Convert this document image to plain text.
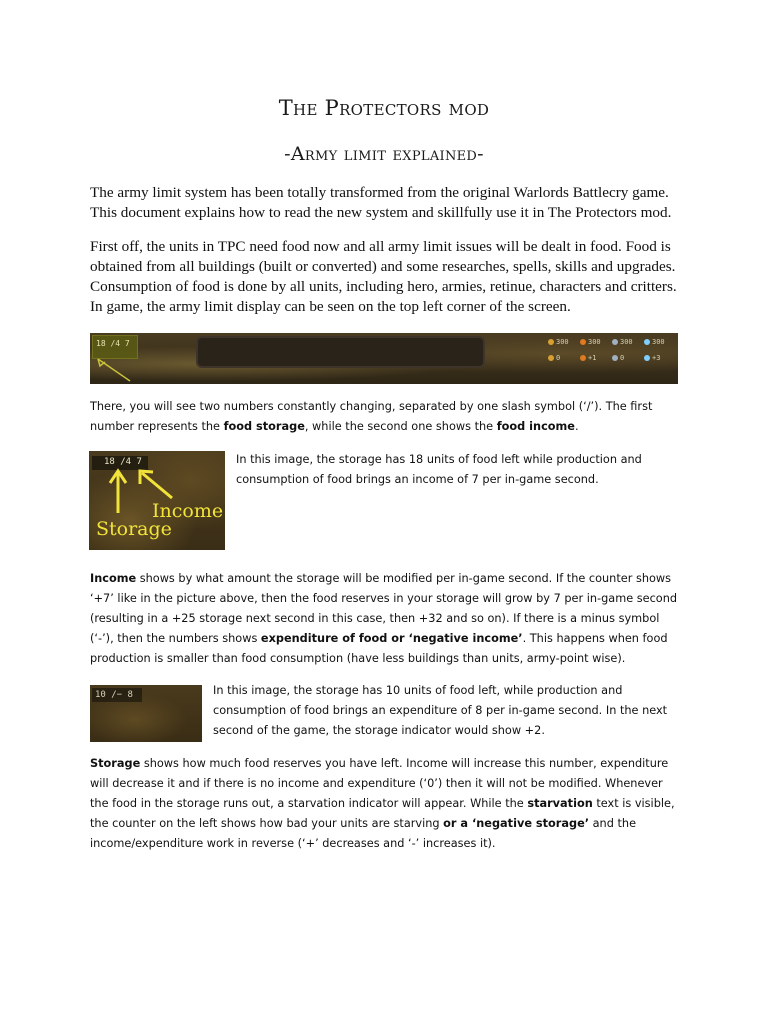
The Protectors mod
-Army limit explained-

The army limit system has been totally transformed from the original Warlords Battlecry game. This document explains how to read the new system and skillfully use it in The Protectors mod.

First off, the units in TPC need food now and all army limit issues will be dealt in food. Food is obtained from all buildings (built or converted) and some researches, spells, skills and upgrades. Consumption of food is done by all units, including hero, armies, retinue, characters and critters. In game, the army limit display can be seen on the top left corner of the screen.

18 /4 7	300	300	300	300
0	+1	0	+3

There, you will see two numbers constantly changing, separated by one slash symbol (‘/’). The first number represents the food storage, while the second one shows the food income.

18 /4 7
Storage
Income

In this image, the storage has 18 units of food left while production and consumption of food brings an income of 7 per in-game second.

Income shows by what amount the storage will be modified per in-game second. If the counter shows ‘+7’ like in the picture above, then the food reserves in your storage will grow by 7 per in-game second (resulting in a +25 storage next second in this case, then +32 and so on). If there is a minus symbol (‘-’), then the numbers shows expenditure of food or ‘negative income’. This happens when food production is smaller than food consumption (have less buildings than units, army-point wise).

10 /− 8	In this image, the storage has 10 units of food left, while production and consumption of food brings an expenditure of 8 per in-game second. In the next second of the game, the storage indicator would show +2.

Storage shows how much food reserves you have left. Income will increase this number, expenditure will decrease it and if there is no income and expenditure (‘0’) then it will not be modified. Whenever the food in the storage runs out, a starvation indicator will appear. While the starvation text is visible, the counter on the left shows how bad your units are starving or a ‘negative storage’ and the income/expenditure work in reverse (‘+’ decreases and ‘-’ increases it).
